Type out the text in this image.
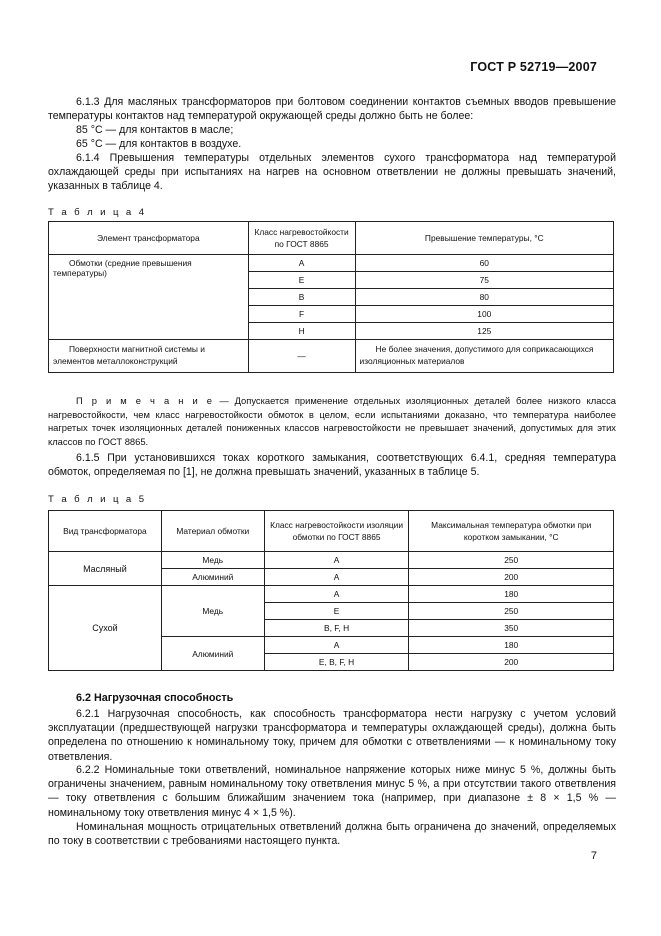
ГОСТ Р 52719—2007
6.1.3 Для масляных трансформаторов при болтовом соединении контактов съемных вводов превышение температуры контактов над температурой окружающей среды должно быть не более:
85 °С — для контактов в масле;
65 °С — для контактов в воздухе.
6.1.4 Превышения температуры отдельных элементов сухого трансформатора над температурой охлаждающей среды при испытаниях на нагрев на основном ответвлении не должны превышать значений, указанных в таблице 4.
Т а б л и ц а 4
Элемент трансформатора	Класс нагревостойкости по ГОСТ 8865	Превышение температуры, °С
Обмотки (средние превышения температуры)	А	60
	Е	75
	В	80
	F	100
	Н	125
Поверхности магнитной системы и элементов металлоконструкций	—	Не более значения, допустимого для соприкасающихся изоляционных материалов
П р и м е ч а н и е — Допускается применение отдельных изоляционных деталей более низкого класса нагревостойкости, чем класс нагревостойкости обмоток в целом, если испытаниями доказано, что температура наиболее нагретых точек изоляционных деталей пониженных классов нагревостойкости не превышает значений, допустимых для этих классов по ГОСТ 8865.
6.1.5 При установившихся токах короткого замыкания, соответствующих 6.4.1, средняя температура обмоток, определяемая по [1], не должна превышать значений, указанных в таблице 5.
Т а б л и ц а 5
Вид трансформатора	Материал обмотки	Класс нагревостойкости изоляции обмотки по ГОСТ 8865	Максимальная температура обмотки при коротком замыкании, °С
Масляный	Медь	А	250
	Алюминий	А	200
Сухой	Медь	А	180
		Е	250
		В, F, Н	350
	Алюминий	А	180
		Е, В, F, Н	200
6.2 Нагрузочная способность
6.2.1 Нагрузочная способность, как способность трансформатора нести нагрузку с учетом условий эксплуатации (предшествующей нагрузки трансформатора и температуры охлаждающей среды), должна быть определена по отношению к номинальному току, причем для обмотки с ответвлениями — к номинальному току ответвления.
6.2.2 Номинальные токи ответвлений, номинальное напряжение которых ниже минус 5 %, должны быть ограничены значением, равным номинальному току ответвления минус 5 %, а при отсутствии такого ответвления — току ответвления с большим ближайшим значением тока (например, при диапазоне ± 8 × 1,5 % — номинальному току ответвления минус 4 × 1,5 %).
Номинальная мощность отрицательных ответвлений должна быть ограничена до значений, определяемых по току в соответствии с требованиями настоящего пункта.
7
